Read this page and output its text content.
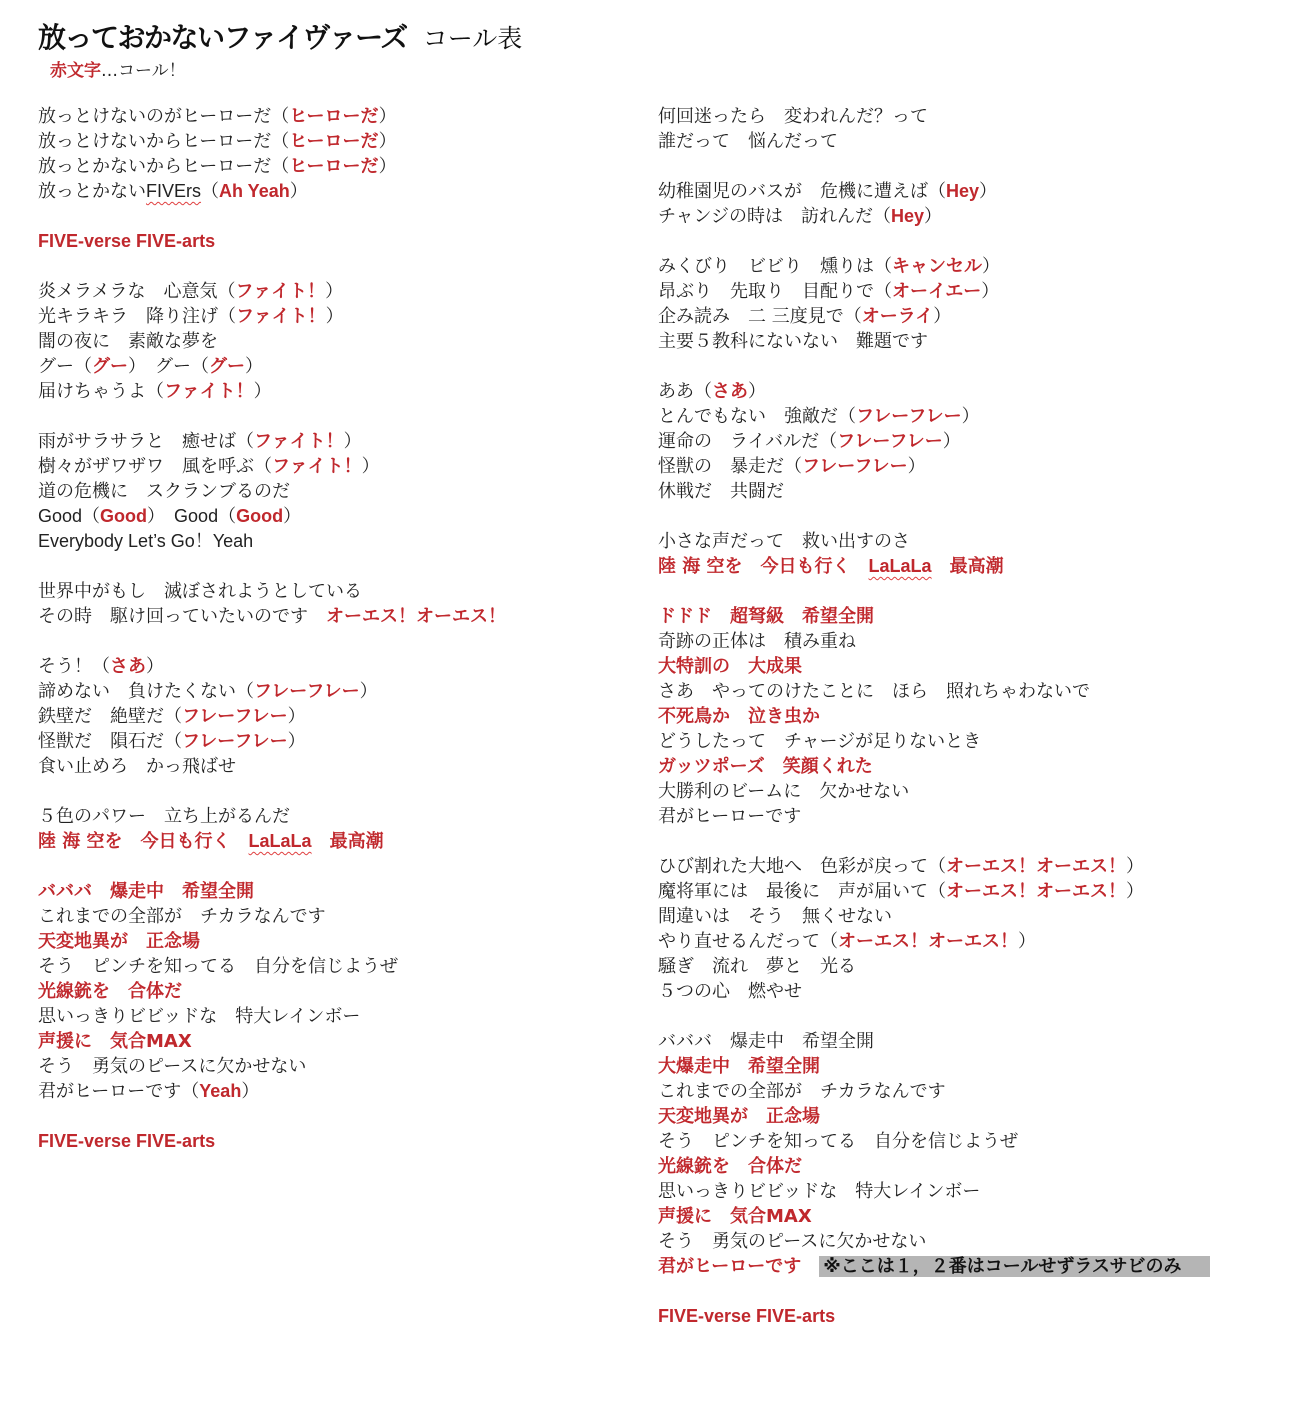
放っておかないファイヴァーズ コール表
赤文字…コール！
放っとけないのがヒーローだ（ヒーローだ）
放っとけないからヒーローだ（ヒーローだ）
放っとかないからヒーローだ（ヒーローだ）
放っとかないFIVErs（Ah Yeah）
FIVE-verse FIVE-arts
炎メラメラな　心意気（ファイト！）
光キラキラ　降り注げ（ファイト！）
闇の夜に　素敵な夢を
グー（グー）　グー（グー）
届けちゃうよ（ファイト！）
雨がサラサラと　癒せば（ファイト！）
樹々がザワザワ　風を呼ぶ（ファイト！）
道の危機に　スクランブるのだ
Good（Good）　Good（Good）
Everybody Let’s Go！Yeah
世界中がもし　滅ぼされようとしている
その時　駆け回っていたいのです　オーエス！オーエス！
そう！（さあ）
諦めない　負けたくない（フレーフレー）
鉄壁だ　絶壁だ（フレーフレー）
怪獣だ　隕石だ（フレーフレー）
食い止めろ　かっ飛ばせ
５色のパワー　立ち上がるんだ
陸 海 空を　今日も行く　LaLaLa　最高潮
バババ　爆走中　希望全開
これまでの全部が　チカラなんです
天変地異が　正念場
そう　ピンチを知ってる　自分を信じようぜ
光線銃を　合体だ
思いっきりビビッドな　特大レインボー
声援に　気合MAX
そう　勇気のピースに欠かせない
君がヒーローです（Yeah）
FIVE-verse FIVE-arts
何回迷ったら　変われんだ？って
誰だって　悩んだって
幼稚園児のバスが　危機に遭えば（Hey）
チャンジの時は　訪れんだ（Hey）
みくびり　ビビり　燻りは（キャンセル）
昂ぶり　先取り　目配りで（オーイエー）
企み読み　二 三度見で（オーライ）
主要５教科にないない　難題です
ああ（さあ）
とんでもない　強敵だ（フレーフレー）
運命の　ライバルだ（フレーフレー）
怪獣の　暴走だ（フレーフレー）
休戦だ　共闘だ
小さな声だって　救い出すのさ
陸 海 空を　今日も行く　LaLaLa　最高潮
ドドド　超弩級　希望全開
奇跡の正体は　積み重ね
大特訓の　大成果
さあ　やってのけたことに　ほら　照れちゃわないで
不死鳥か　泣き虫か
どうしたって　チャージが足りないとき
ガッツポーズ　笑顔くれた
大勝利のビームに　欠かせない
君がヒーローです
ひび割れた大地へ　色彩が戻って（オーエス！オーエス！）
魔将軍には　最後に　声が届いて（オーエス！オーエス！）
間違いは　そう　無くせない
やり直せるんだって（オーエス！オーエス！）
騒ぎ　流れ　夢と　光る
５つの心　燃やせ
バババ　爆走中　希望全開
大爆走中　希望全開
これまでの全部が　チカラなんです
天変地異が　正念場
そう　ピンチを知ってる　自分を信じようぜ
光線銃を　合体だ
思いっきりビビッドな　特大レインボー
声援に　気合MAX
そう　勇気のピースに欠かせない
君がヒーローです ※ここは１，２番はコールせずラスサビのみ
FIVE-verse FIVE-arts
